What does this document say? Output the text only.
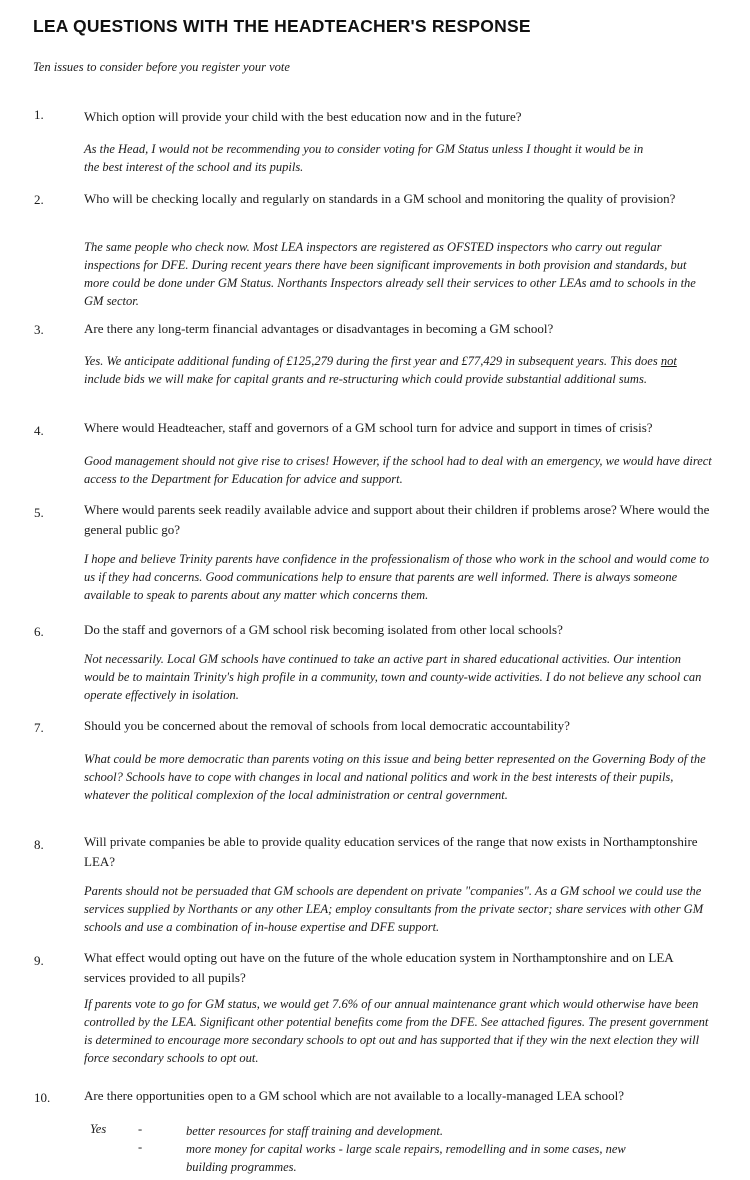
LEA QUESTIONS WITH THE HEADTEACHER'S RESPONSE
Ten issues to consider before you register your vote
1.	Which option will provide your child with the best education now and in the future?
As the Head, I would not be recommending you to consider voting for GM Status unless I thought it would be in the best interest of the school and its pupils.
2.	Who will be checking locally and regularly on standards in a GM school and monitoring the quality of provision?
The same people who check now. Most LEA inspectors are registered as OFSTED inspectors who carry out regular inspections for DFE. During recent years there have been significant improvements in both provision and standards, but more could be done under GM Status. Northants Inspectors already sell their services to other LEAs amd to schools in the GM sector.
3.	Are there any long-term financial advantages or disadvantages in becoming a GM school?
Yes. We anticipate additional funding of £125,279 during the first year and £77,429 in subsequent years. This does not include bids we will make for capital grants and re-structuring which could provide substantial additional sums.
4.	Where would Headteacher, staff and governors of a GM school turn for advice and support in times of crisis?
Good management should not give rise to crises! However, if the school had to deal with an emergency, we would have direct access to the Department for Education for advice and support.
5.	Where would parents seek readily available advice and support about their children if problems arose? Where would the general public go?
I hope and believe Trinity parents have confidence in the professionalism of those who work in the school and would come to us if they had concerns. Good communications help to ensure that parents are well informed. There is always someone available to speak to parents about any matter which concerns them.
6.	Do the staff and governors of a GM school risk becoming isolated from other local schools?
Not necessarily. Local GM schools have continued to take an active part in shared educational activities. Our intention would be to maintain Trinity's high profile in a community, town and county-wide activities. I do not believe any school can operate effectively in isolation.
7.	Should you be concerned about the removal of schools from local democratic accountability?
What could be more democratic than parents voting on this issue and being better represented on the Governing Body of the school? Schools have to cope with changes in local and national politics and work in the best interests of their pupils, whatever the political complexion of the local administration or central government.
8.	Will private companies be able to provide quality education services of the range that now exists in Northamptonshire LEA?
Parents should not be persuaded that GM schools are dependent on private "companies". As a GM school we could use the services supplied by Northants or any other LEA; employ consultants from the private sector; share services with other GM schools and use a combination of in-house expertise and DFE support.
9.	What effect would opting out have on the future of the whole education system in Northamptonshire and on LEA services provided to all pupils?
If parents vote to go for GM status, we would get 7.6% of our annual maintenance grant which would otherwise have been controlled by the LEA. Significant other potential benefits come from the DFE. See attached figures. The present government is determined to encourage more secondary schools to opt out and has supported that if they win the next election they will force secondary schools to opt out.
10.	Are there opportunities open to a GM school which are not available to a locally-managed LEA school?
Yes	-	better resources for staff training and development.
-	more money for capital works - large scale repairs, remodelling and in some cases, new building programmes.
